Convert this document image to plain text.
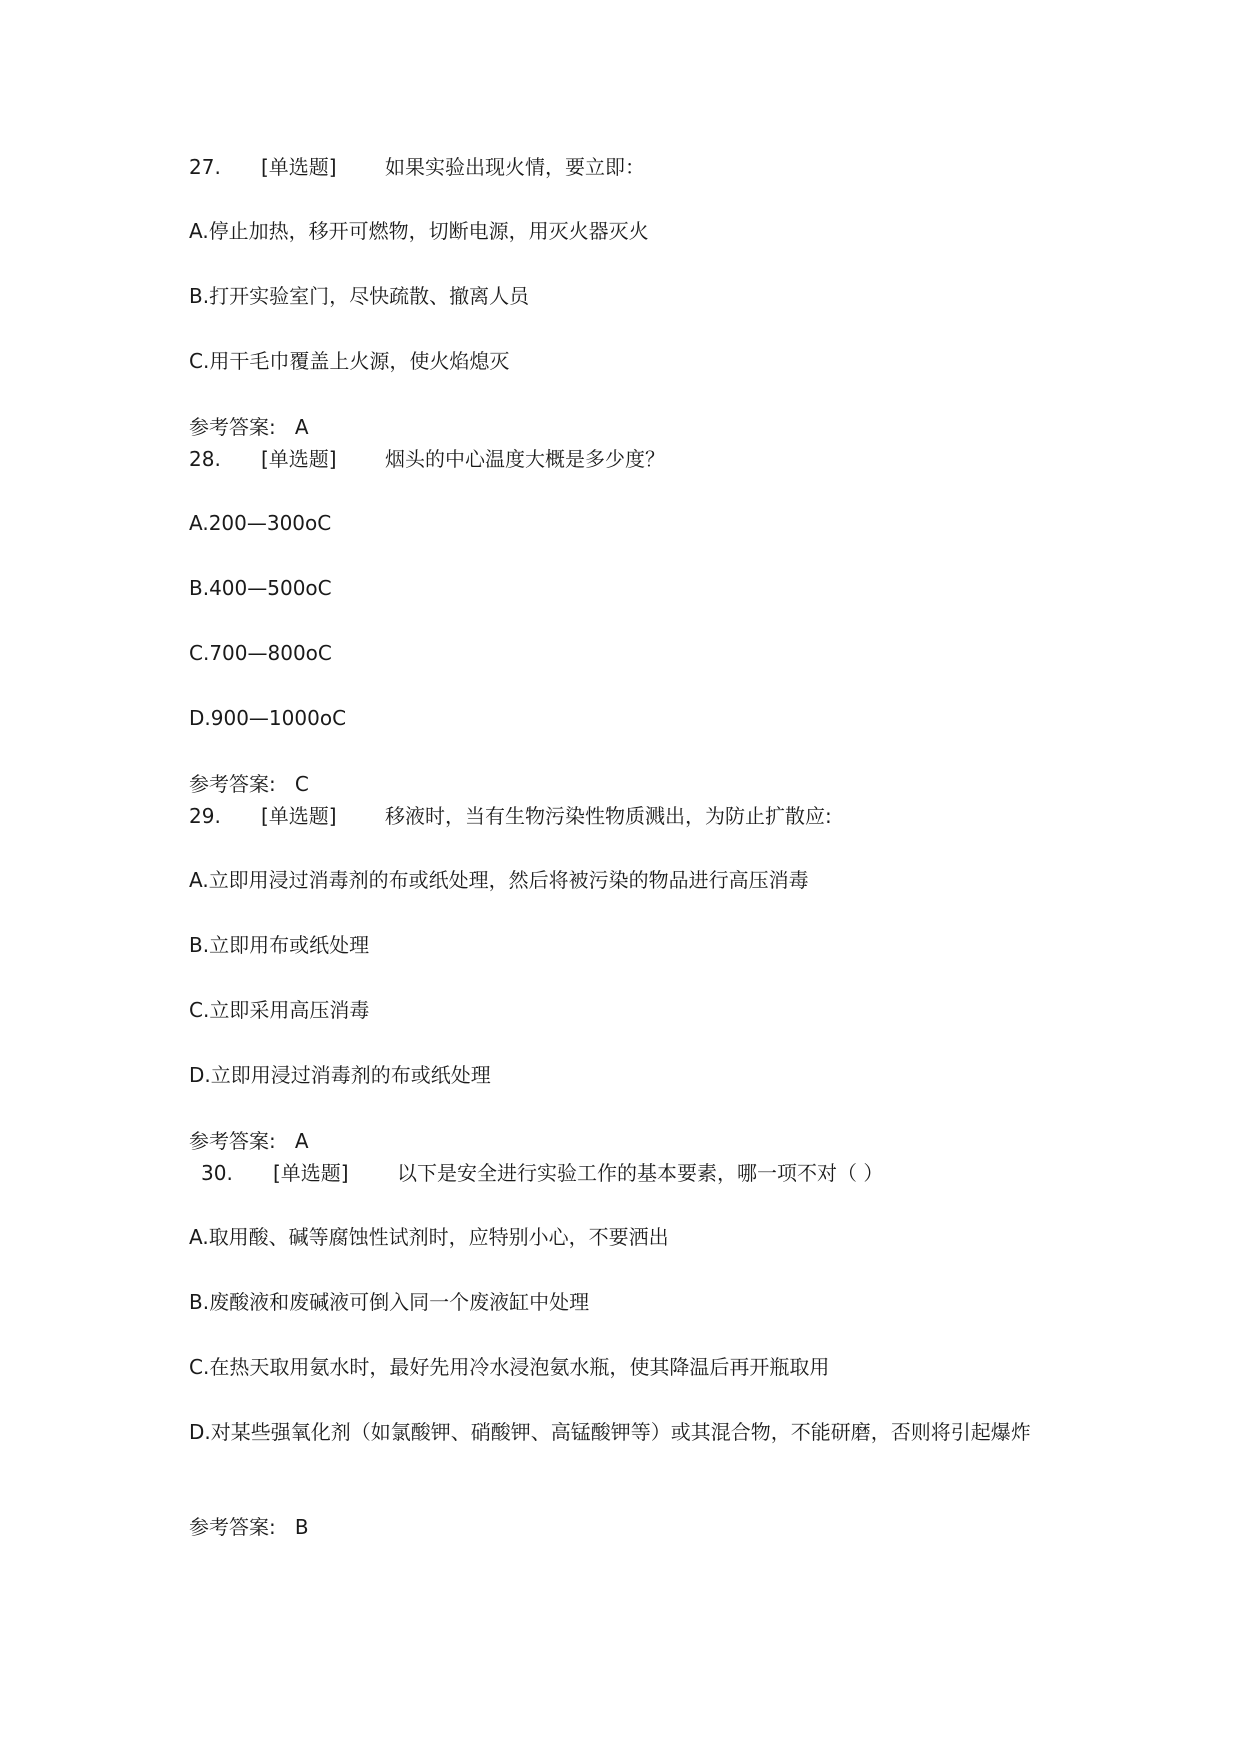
27. [单选题] 如果实验出现火情，要立即：
A.停止加热，移开可燃物，切断电源，用灭火器灭火
B.打开实验室门，尽快疏散、撤离人员
C.用干毛巾覆盖上火源，使火焰熄灭
参考答案: A
28. [单选题] 烟头的中心温度大概是多少度？
A.200—300oC
B.400—500oC
C.700—800oC
D.900—1000oC
参考答案: C
29. [单选题] 移液时，当有生物污染性物质溅出，为防止扩散应:
A.立即用浸过消毒剂的布或纸处理，然后将被污染的物品进行高压消毒
B.立即用布或纸处理
C.立即采用高压消毒
D.立即用浸过消毒剂的布或纸处理
参考答案: A
30. [单选题] 以下是安全进行实验工作的基本要素，哪一项不对（ ）
A.取用酸、碱等腐蚀性试剂时，应特别小心，不要洒出
B.废酸液和废碱液可倒入同一个废液缸中处理
C.在热天取用氨水时，最好先用冷水浸泡氨水瓶，使其降温后再开瓶取用
D.对某些强氧化剂（如氯酸钾、硝酸钾、高锰酸钾等）或其混合物，不能研磨，否则将引起爆炸
参考答案: B
